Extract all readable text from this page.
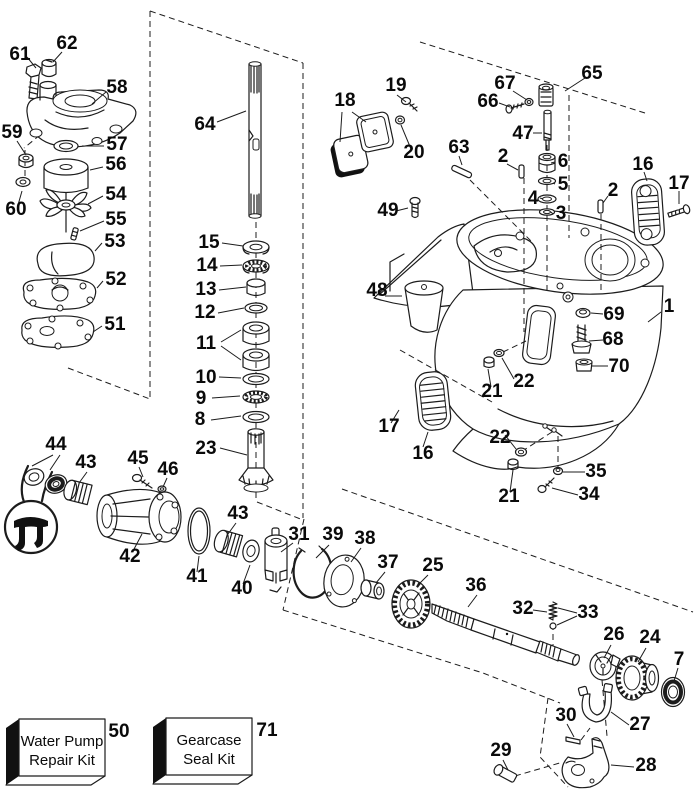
61
62
58
59
57
56
54
55
53
52
51
60
64
15
14
13
12
11
10
9
8
23
18
19
20
66
67	65
47
2	6
5
4
3
2
63
49
16
17
48
1
69
68
70
21 22
16
17
22
21
35
34
44
43 45
46
42
41
43
40
31 39 38
37 25
36
32 33
26 24
7
30	27
29
28
Water Pump
Repair Kit
50	Gearcase
Seal Kit
71
